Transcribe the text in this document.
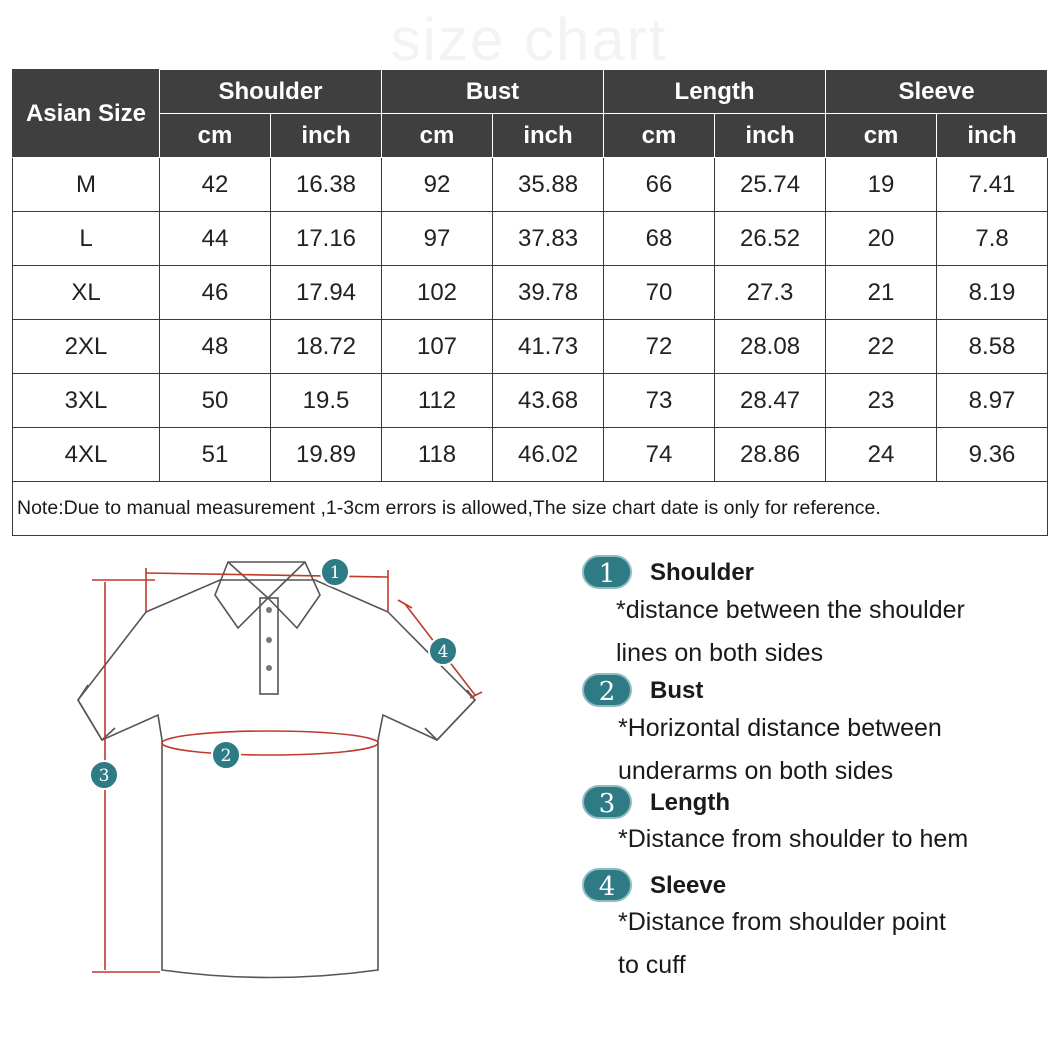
size chart
Asian Size	Shoulder		Bust		Length		Sleeve	
	cm	inch	cm	inch	cm	inch	cm	inch
M	42	16.38	92	35.88	66	25.74	19	7.41
L	44	17.16	97	37.83	68	26.52	20	7.8
XL	46	17.94	102	39.78	70	27.3	21	8.19
2XL	48	18.72	107	41.73	72	28.08	22	8.58
3XL	50	19.5	112	43.68	73	28.47	23	8.97
4XL	51	19.89	118	46.02	74	28.86	24	9.36
Note:Due to manual measurement ,1-3cm errors is allowed,The size chart date is only for reference.								
1
2
3
4
1	Shoulder
*distance between the shoulder
lines on both sides
2	Bust
*Horizontal distance between
underarms on both sides
3	Length
*Distance from shoulder to hem
4	Sleeve
*Distance from shoulder point
to cuff
